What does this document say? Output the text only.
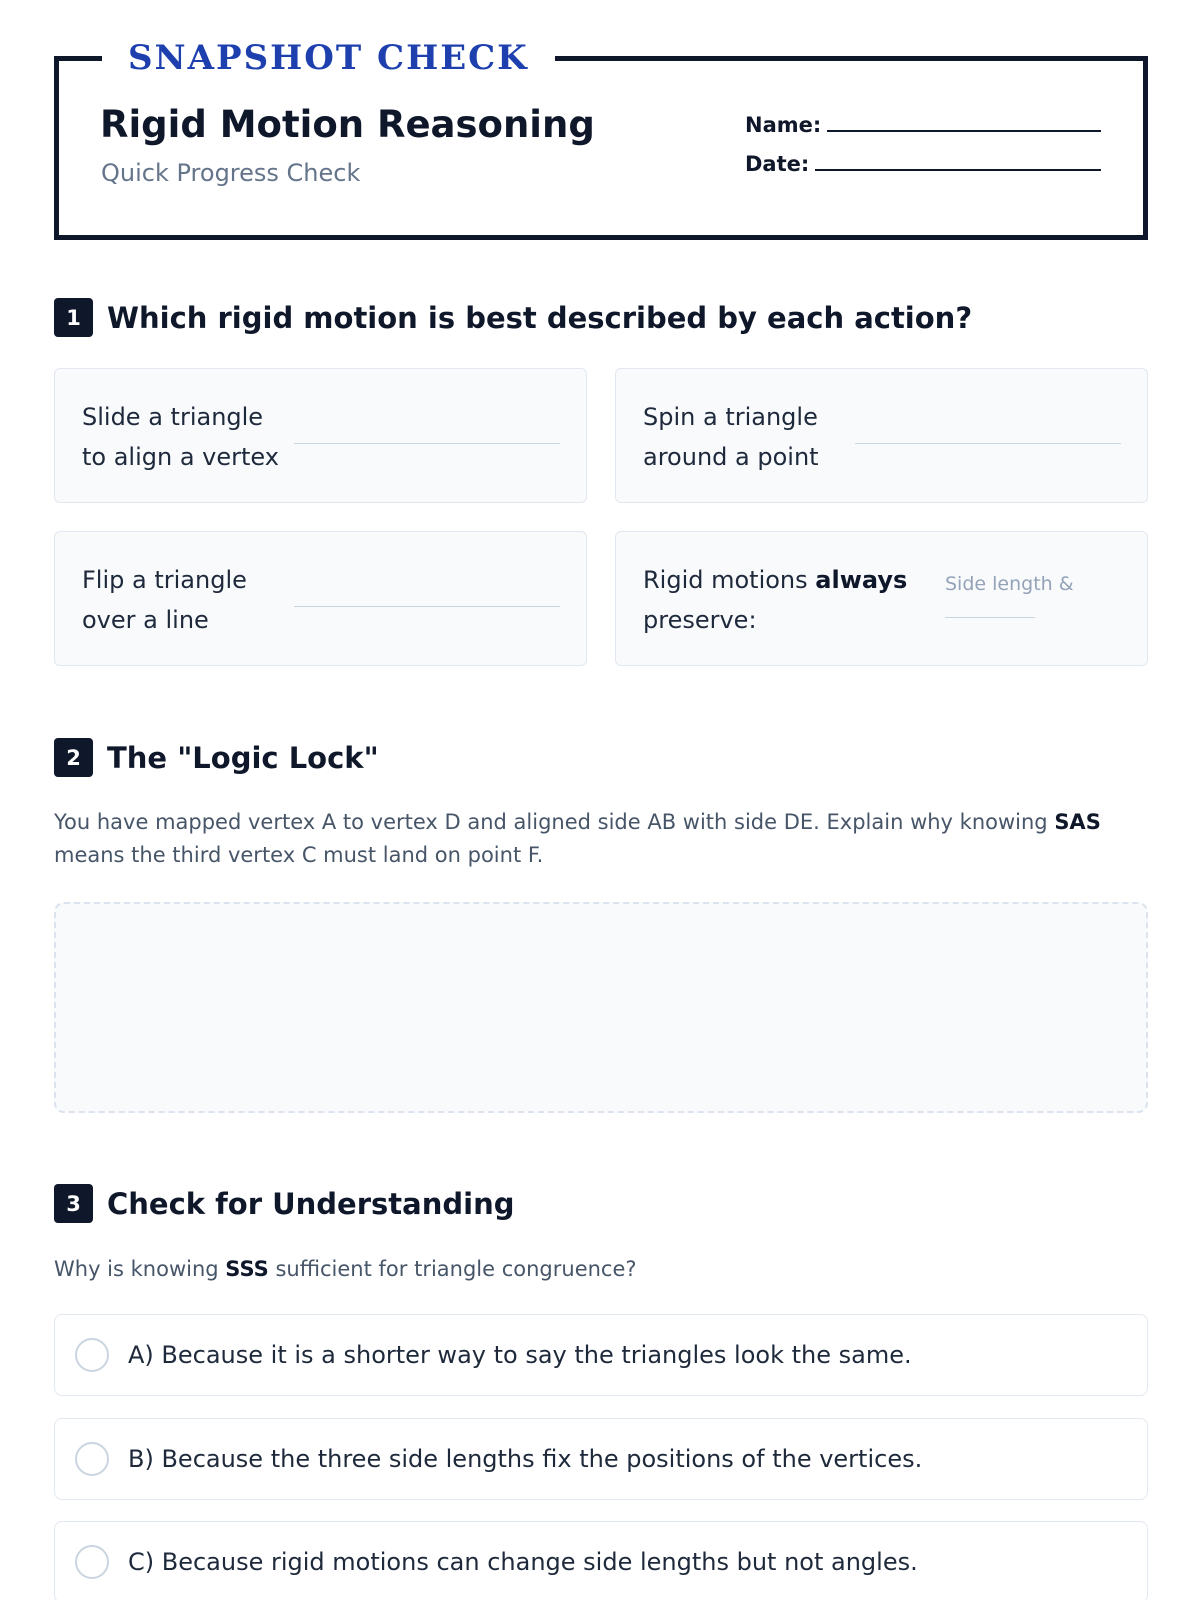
SNAPSHOT CHECK
Rigid Motion Reasoning
Quick Progress Check
Name:
Date:
1 Which rigid motion is best described by each action?
Slide a triangle
to align a vertex
Spin a triangle
around a point
Flip a triangle
over a line
Rigid motions always
preserve:
Side length &
2 The "Logic Lock"
You have mapped vertex A to vertex D and aligned side AB with side DE. Explain why knowing SAS
means the third vertex C must land on point F.
3 Check for Understanding
Why is knowing SSS sufficient for triangle congruence?
A) Because it is a shorter way to say the triangles look the same.
B) Because the three side lengths fix the positions of the vertices.
C) Because rigid motions can change side lengths but not angles.
